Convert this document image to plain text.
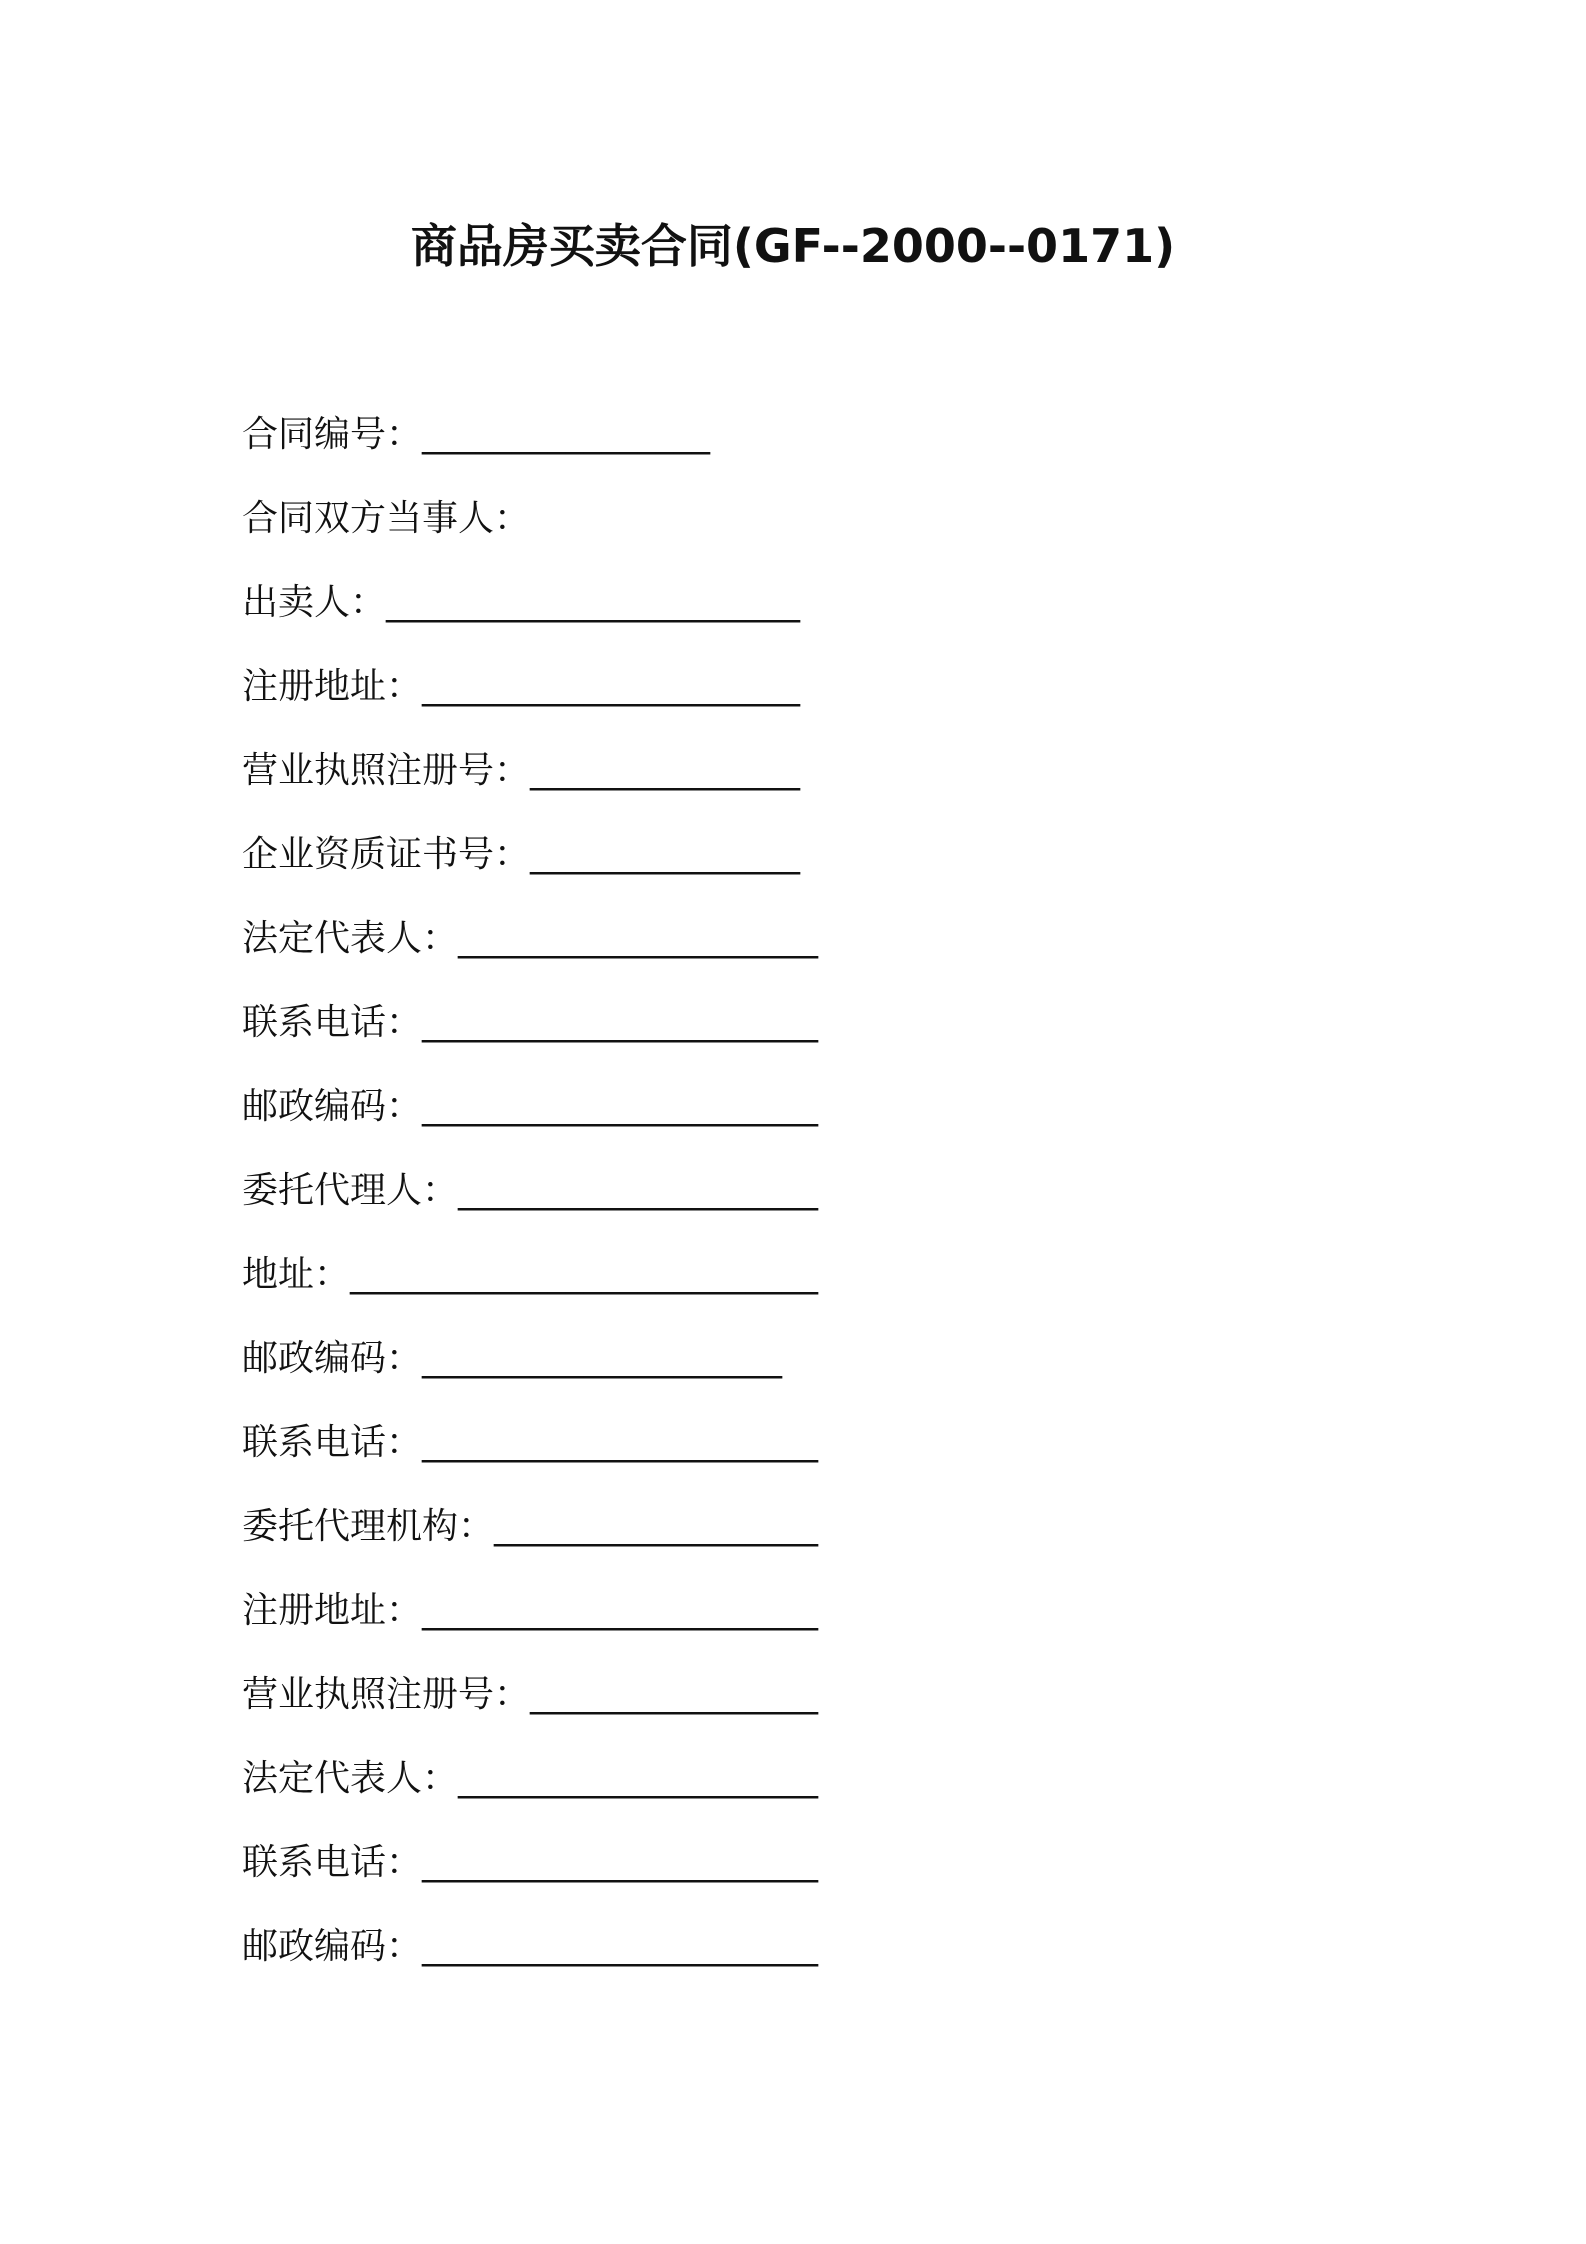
商品房买卖合同(GF--2000--0171)
合同编号：________________
合同双方当事人：
出卖人：_______________________
注册地址：_____________________
营业执照注册号：_______________
企业资质证书号：_______________
法定代表人：____________________
联系电话：______________________
邮政编码：______________________
委托代理人：____________________
地址：__________________________
邮政编码：____________________
联系电话：______________________
委托代理机构：__________________
注册地址：______________________
营业执照注册号：________________
法定代表人：____________________
联系电话：______________________
邮政编码：______________________
